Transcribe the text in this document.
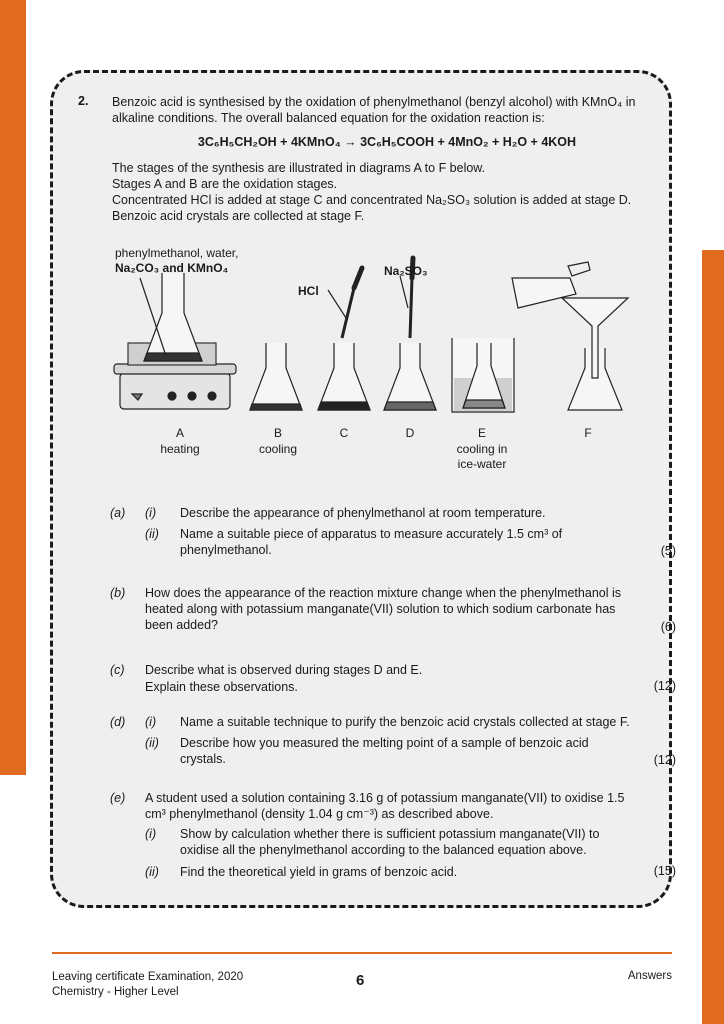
2. Benzoic acid is synthesised by the oxidation of phenylmethanol (benzyl alcohol) with KMnO₄ in alkaline conditions. The overall balanced equation for the oxidation reaction is:
3C₆H₅CH₂OH + 4KMnO₄ → 3C₆H₅COOH + 4MnO₂ + H₂O + 4KOH
The stages of the synthesis are illustrated in diagrams A to F below.
Stages A and B are the oxidation stages.
Concentrated HCl is added at stage C and concentrated Na₂SO₃ solution is added at stage D.
Benzoic acid crystals are collected at stage F.
phenylmethanol, water,
Na₂CO₃ and KMnO₄
HCl
Na₂SO₃
A	B	C	D	E	F
heating	cooling	cooling in
ice-water
(a) (i) Describe the appearance of phenylmethanol at room temperature.
(ii) Name a suitable piece of apparatus to measure accurately 1.5 cm³ of phenylmethanol.	(5)
(b) How does the appearance of the reaction mixture change when the phenylmethanol is heated along with potassium manganate(VII) solution to which sodium carbonate has been added?	(6)
(c) Describe what is observed during stages D and E.
Explain these observations.	(12)
(d) (i) Name a suitable technique to purify the benzoic acid crystals collected at stage F.
(ii) Describe how you measured the melting point of a sample of benzoic acid crystals.	(12)
(e) A student used a solution containing 3.16 g of potassium manganate(VII) to oxidise 1.5 cm³ phenylmethanol (density 1.04 g cm⁻³) as described above.
(i) Show by calculation whether there is sufficient potassium manganate(VII) to oxidise all the phenylmethanol according to the balanced equation above.
(ii) Find the theoretical yield in grams of benzoic acid.	(15)
Leaving certificate Examination, 2020
Chemistry - Higher Level
6	Answers
